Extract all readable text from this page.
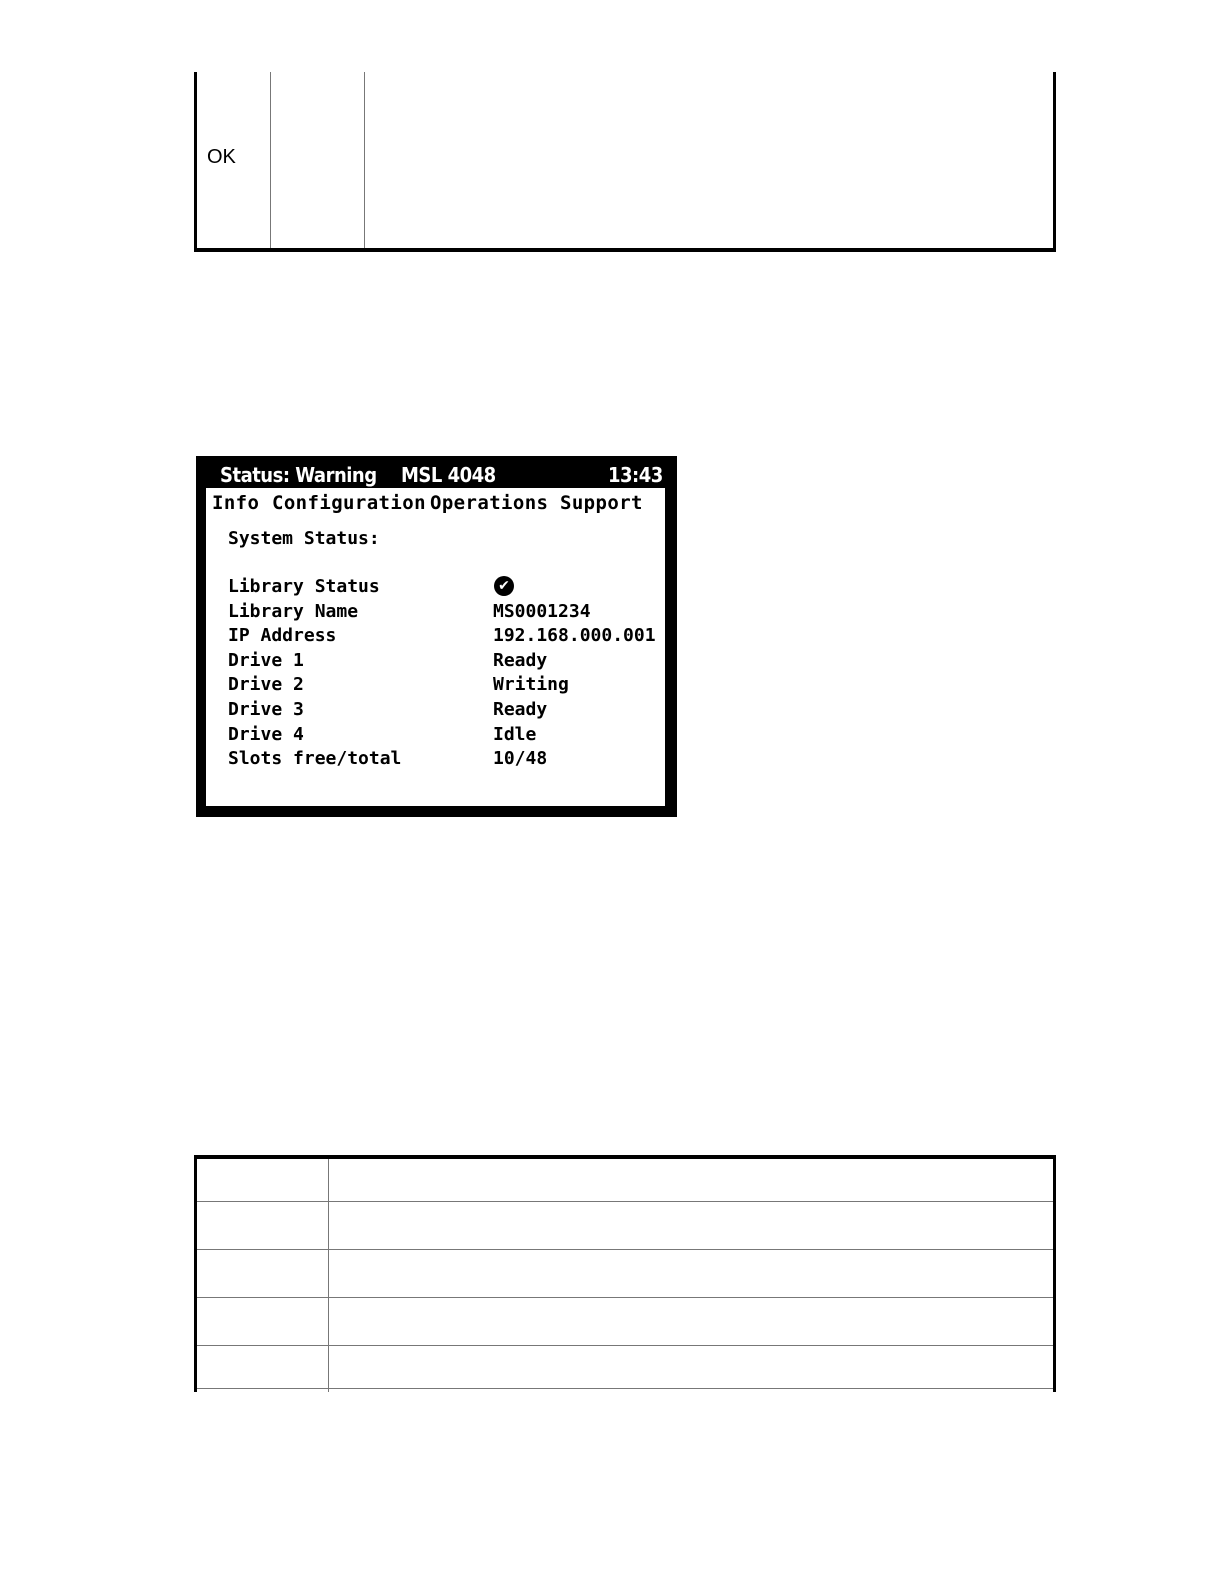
OK
Status: Warning MSL 4048	13:43
Info Configuration Operations Support
System Status:
Library Status	✔
Library Name	MS0001234
IP Address	192.168.000.001
Drive 1	Ready
Drive 2	Writing
Drive 3	Ready
Drive 4	Idle
Slots free/total	10/48
